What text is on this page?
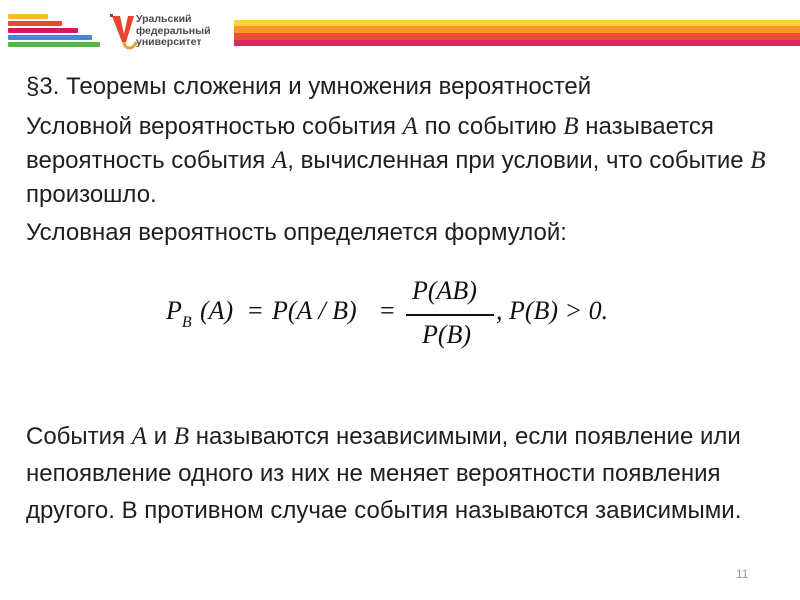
Уральский
федеральный
университет

§3. Теоремы сложения и умножения вероятностей

Условной вероятностью события A по событию B называется вероятность события A, вычисленная при условии, что событие B произошло.

Условная вероятность определяется формулой:

$P_B$ (A) = P(A / B) =
P(AB)
P(B)
, P(B) > 0.

События A и B называются независимыми, если появление или непоявление одного из них не меняет вероятности появления другого. В противном случае события называются зависимыми.

11
